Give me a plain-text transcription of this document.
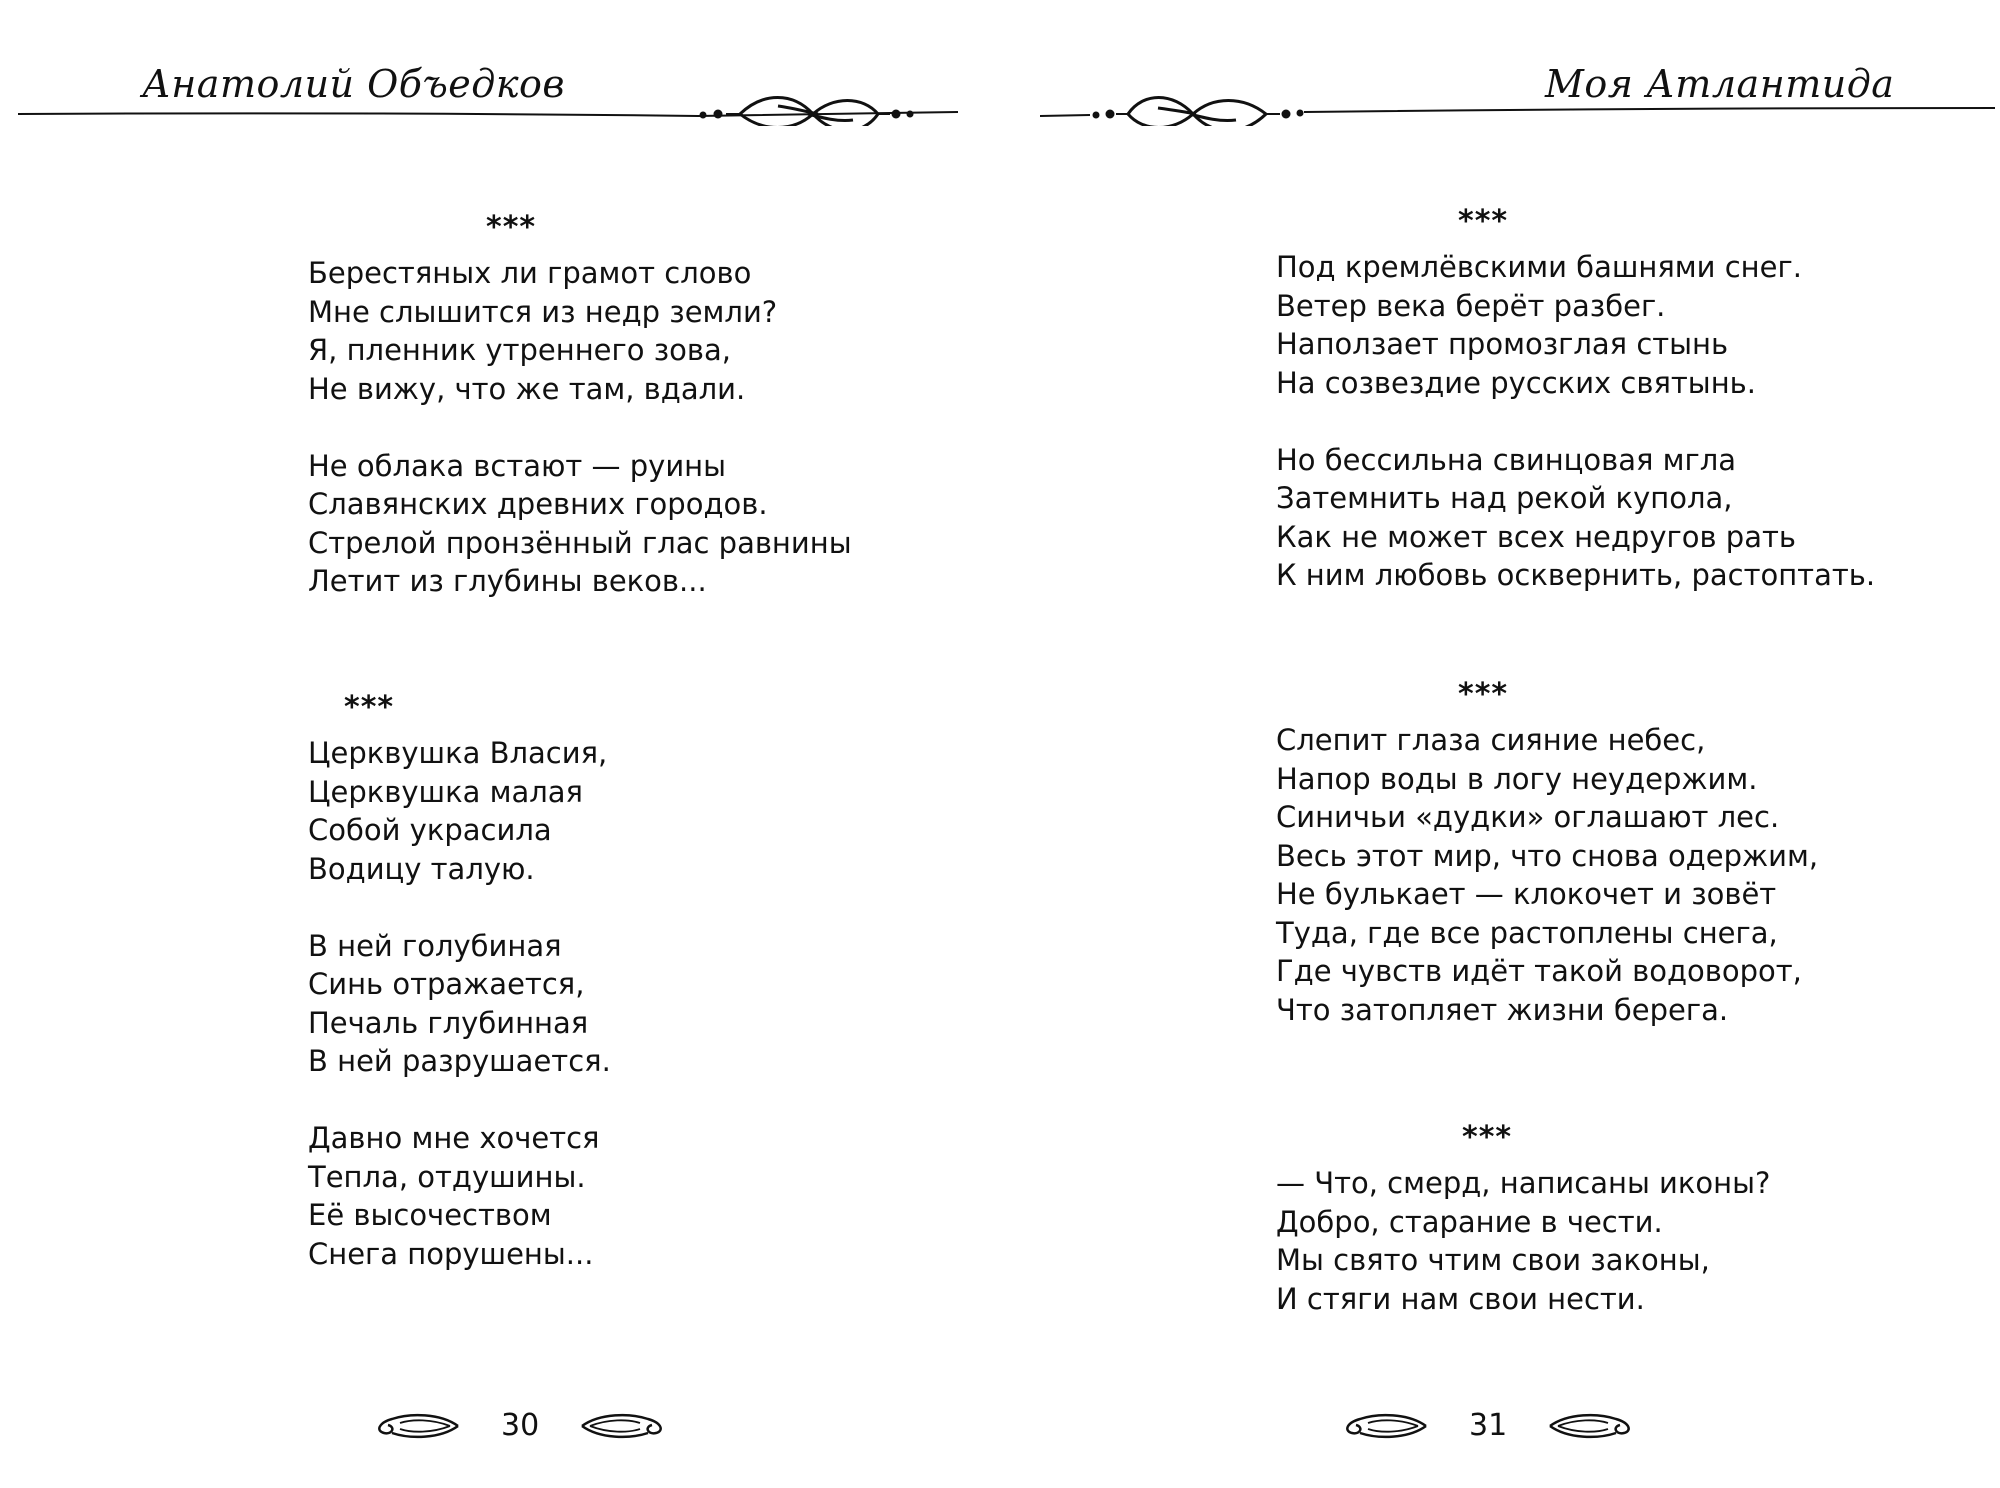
Анатолий Объедков
***
Берестяных ли грамот слово
Мне слышится из недр земли?
Я, пленник утреннего зова,
Не вижу, что же там, вдали.
Не облака встают — руины
Славянских древних городов.
Стрелой пронзённый глас равнины
Летит из глубины веков...
***
Церквушка Власия,
Церквушка малая
Собой украсила
Водицу талую.
В ней голубиная
Синь отражается,
Печаль глубинная
В ней разрушается.
Давно мне хочется
Тепла, отдушины.
Её высочеством
Снега порушены...
30
Моя Атлантида
***
Под кремлёвскими башнями снег.
Ветер века берёт разбег.
Наползает промозглая стынь
На созвездие русских святынь.
Но бессильна свинцовая мгла
Затемнить над рекой купола,
Как не может всех недругов рать
К ним любовь осквернить, растоптать.
***
Слепит глаза сияние небес,
Напор воды в логу неудержим.
Синичьи «дудки» оглашают лес.
Весь этот мир, что снова одержим,
Не булькает — клокочет и зовёт
Туда, где все растоплены снега,
Где чувств идёт такой водоворот,
Что затопляет жизни берега.
***
— Что, смерд, написаны иконы?
Добро, старание в чести.
Мы свято чтим свои законы,
И стяги нам свои нести.
31
